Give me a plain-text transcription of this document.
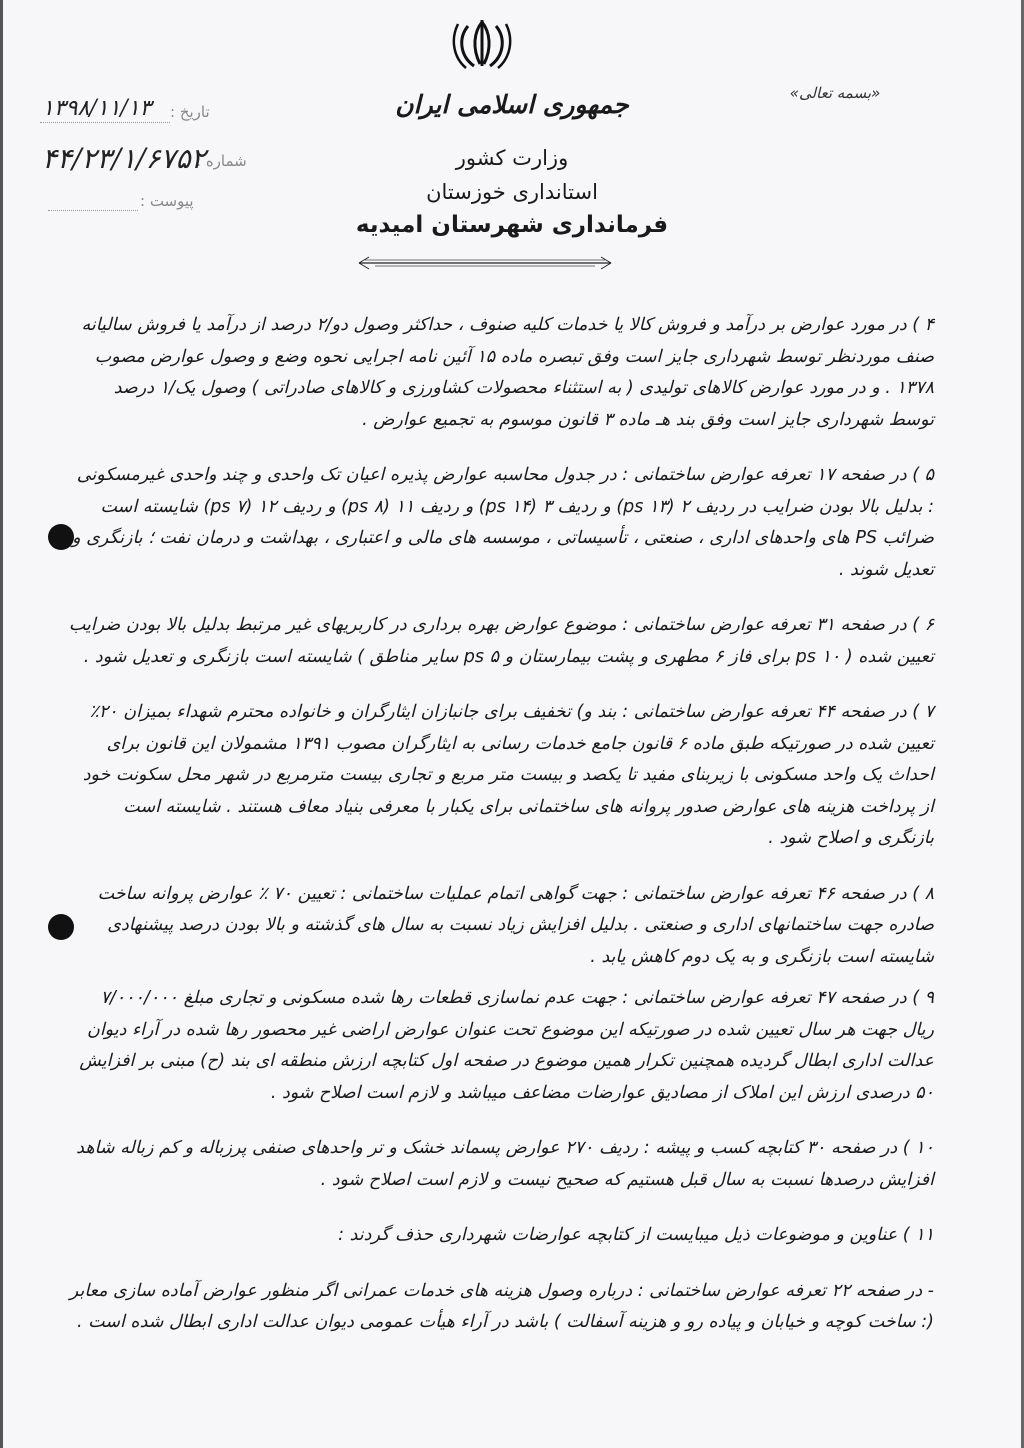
«بسمه تعالی»
جمهوری اسلامی ایران
وزارت کشور
استانداری خوزستان
فرمانداری شهرستان امیدیه
تاریخ :
۱۳۹۸/۱۱/۱۳
شماره :
۴۴/۲۳/۱/۶۷۵۲
پیوست :

۴ ) در مورد عوارض بر درآمد و فروش کالا یا خدمات کلیه صنوف ، حداکثر وصول دو/۲ درصد از درآمد یا فروش سالیانه صنف موردنظر توسط شهرداری جایز است وفق تبصره ماده ۱۵ آئین نامه اجرایی نحوه وضع و وصول عوارض مصوب ۱۳۷۸ . و در مورد عوارض کالاهای تولیدی ( به استثناء محصولات کشاورزی و کالاهای صادراتی ) وصول یک/۱ درصد توسط شهرداری جایز است وفق بند هـ ماده ۳ قانون موسوم به تجمیع عوارض .

۵ ) در صفحه ۱۷ تعرفه عوارض ساختمانی : در جدول محاسبه عوارض پذیره اعیان تک واحدی و چند واحدی غیرمسکونی : بدلیل بالا بودن ضرایب در ردیف ۲ (۱۳ ps) و ردیف ۳ (۱۴ ps) و ردیف ۱۱ (۸ ps) و ردیف ۱۲ (۷ ps) شایسته است ضرائب PS های واحدهای اداری ، صنعتی ، تأسیساتی ، موسسه های مالی و اعتباری ، بهداشت و درمان نفت ؛ بازنگری و تعدیل شوند .

۶ ) در صفحه ۳۱ تعرفه عوارض ساختمانی : موضوع عوارض بهره برداری در کاربریهای غیر مرتبط بدلیل بالا بودن ضرایب تعیین شده ( ۱۰ ps برای فاز ۶ مطهری و پشت بیمارستان و ۵ ps سایر مناطق ) شایسته است بازنگری و تعدیل شود .

۷ ) در صفحه ۴۴ تعرفه عوارض ساختمانی : بند و) تخفیف برای جانبازان ایثارگران و خانواده محترم شهداء بمیزان ۲۰٪ تعیین شده در صورتیکه طبق ماده ۶ قانون جامع خدمات رسانی به ایثارگران مصوب ۱۳۹۱ مشمولان این قانون برای احداث یک واحد مسکونی با زیربنای مفید تا یکصد و بیست متر مربع و تجاری بیست مترمربع در شهر محل سکونت خود از پرداخت هزینه های عوارض صدور پروانه های ساختمانی برای یکبار با معرفی بنیاد معاف هستند . شایسته است بازنگری و اصلاح شود .

۸ ) در صفحه ۴۶ تعرفه عوارض ساختمانی : جهت گواهی اتمام عملیات ساختمانی : تعیین ۷۰ ٪ عوارض پروانه ساخت صادره جهت ساختمانهای اداری و صنعتی . بدلیل افزایش زیاد نسبت به سال های گذشته و بالا بودن درصد پیشنهادی شایسته است بازنگری و به یک دوم کاهش یابد .

۹ ) در صفحه ۴۷ تعرفه عوارض ساختمانی : جهت عدم نماسازی قطعات رها شده مسکونی و تجاری مبلغ ۷/۰۰۰/۰۰۰ ریال جهت هر سال تعیین شده در صورتیکه این موضوع تحت عنوان عوارض اراضی غیر محصور رها شده در آراء دیوان عدالت اداری ابطال گردیده همچنین تکرار همین موضوع در صفحه اول کتابچه ارزش منطقه ای بند (ح) مبنی بر افزایش ۵۰ درصدی ارزش این املاک از مصادیق عوارضات مضاعف میباشد و لازم است اصلاح شود .

۱۰ ) در صفحه ۳۰ کتابچه کسب و پیشه : ردیف ۲۷۰ عوارض پسماند خشک و تر واحدهای صنفی پرزباله و کم زباله شاهد افزایش درصدها نسبت به سال قبل هستیم که صحیح نیست و لازم است اصلاح شود .

۱۱ ) عناوین و موضوعات ذیل میبایست از کتابچه عوارضات شهرداری حذف گردند :

- در صفحه ۲۲ تعرفه عوارض ساختمانی : درباره وصول هزینه های خدمات عمرانی اگر منظور عوارض آماده سازی معابر (: ساخت کوچه و خیابان و پیاده رو و هزینه آسفالت ) باشد در آراء هیأت عمومی دیوان عدالت اداری ابطال شده است .
